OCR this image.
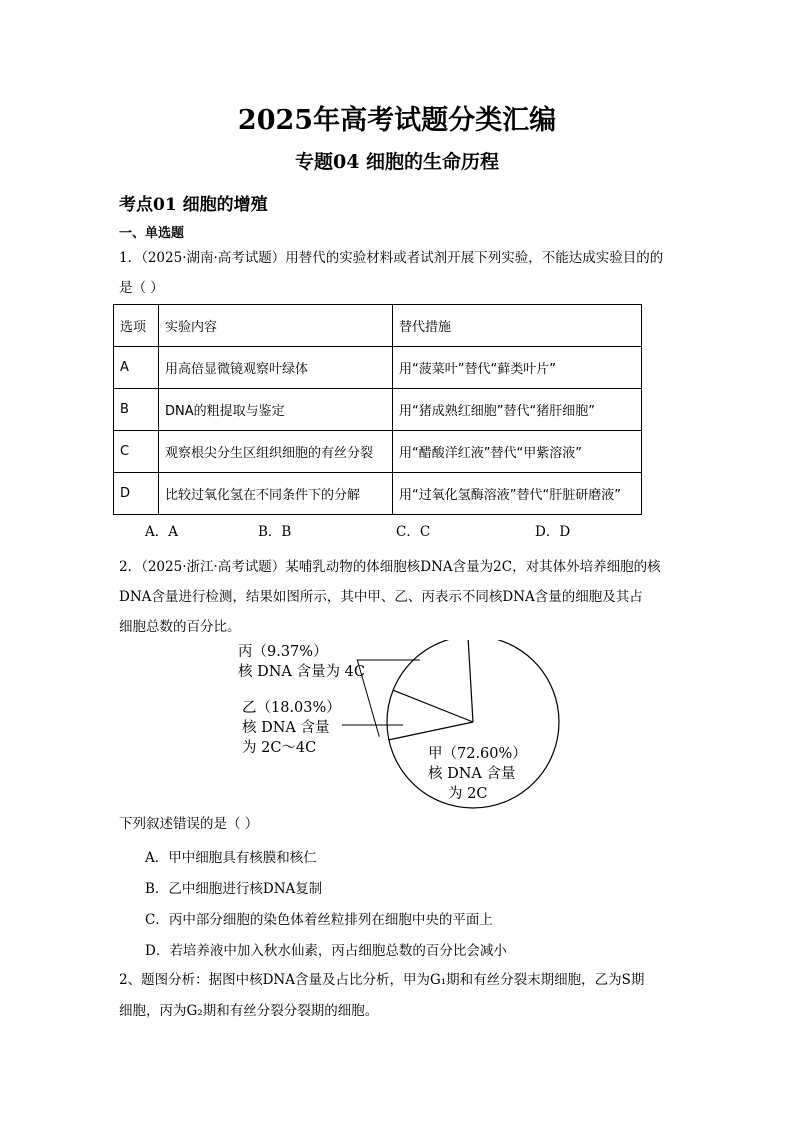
2025年高考试题分类汇编
专题04 细胞的生命历程
考点01 细胞的增殖
一、单选题
1．（2025·湖南·高考试题）用替代的实验材料或者试剂开展下列实验，不能达成实验目的的
是（ ）
选项	实验内容	替代措施
A	用高倍显微镜观察叶绿体	用“菠菜叶”替代“藓类叶片”
B	DNA的粗提取与鉴定	用“猪成熟红细胞”替代“猪肝细胞”
C	观察根尖分生区组织细胞的有丝分裂	用“醋酸洋红液”替代“甲紫溶液”
D	比较过氧化氢在不同条件下的分解	用“过氧化氢酶溶液”替代“肝脏研磨液”
A．A	B．B	C．C	D．D
2．（2025·浙江·高考试题）某哺乳动物的体细胞核DNA含量为2C，对其体外培养细胞的核
DNA含量进行检测，结果如图所示，其中甲、乙、丙表示不同核DNA含量的细胞及其占
细胞总数的百分比。
丙（9.37%）
核 DNA 含量为 4C
乙（18.03%）
核 DNA 含量
为 2C～4C	甲（72.60%）
核 DNA 含量
为 2C
下列叙述错误的是（ ）
A．甲中细胞具有核膜和核仁
B．乙中细胞进行核DNA复制
C．丙中部分细胞的染色体着丝粒排列在细胞中央的平面上
D．若培养液中加入秋水仙素，丙占细胞总数的百分比会减小
2、题图分析：据图中核DNA含量及占比分析，甲为G₁期和有丝分裂末期细胞，乙为S期
细胞，丙为G₂期和有丝分裂分裂期的细胞。
